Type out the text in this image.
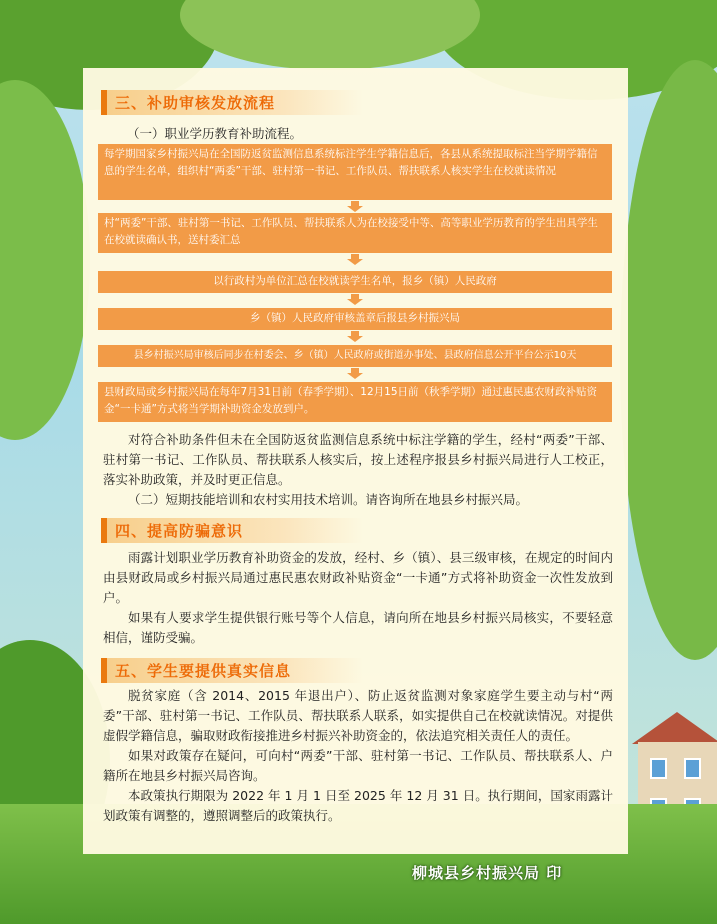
三、补助审核发放流程
（一）职业学历教育补助流程。
每学期国家乡村振兴局在全国防返贫监测信息系统标注学生学籍信息后，各县从系统提取标注当学期学籍信息的学生名单，组织村“两委”干部、驻村第一书记、工作队员、帮扶联系人核实学生在校就读情况
村“两委”干部、驻村第一书记、工作队员、帮扶联系人为在校接受中等、高等职业学历教育的学生出具学生在校就读确认书，送村委汇总
以行政村为单位汇总在校就读学生名单，报乡（镇）人民政府
乡（镇）人民政府审核盖章后报县乡村振兴局
县乡村振兴局审核后同步在村委会、乡（镇）人民政府或街道办事处、县政府信息公开平台公示10天
县财政局或乡村振兴局在每年7月31日前（春季学期）、12月15日前（秋季学期）通过惠民惠农财政补贴资金“一卡通”方式将当学期补助资金发放到户。

对符合补助条件但未在全国防返贫监测信息系统中标注学籍的学生，经村“两委”干部、驻村第一书记、工作队员、帮扶联系人核实后，按上述程序报县乡村振兴局进行人工校正，落实补助政策，并及时更正信息。

（二）短期技能培训和农村实用技术培训。请咨询所在地县乡村振兴局。

四、提高防骗意识

雨露计划职业学历教育补助资金的发放，经村、乡（镇）、县三级审核，在规定的时间内由县财政局或乡村振兴局通过惠民惠农财政补贴资金“一卡通”方式将补助资金一次性发放到户。

如果有人要求学生提供银行账号等个人信息，请向所在地县乡村振兴局核实，不要轻意相信，谨防受骗。

五、学生要提供真实信息

脱贫家庭（含 2014、2015 年退出户）、防止返贫监测对象家庭学生要主动与村“两委”干部、驻村第一书记、工作队员、帮扶联系人联系，如实提供自己在校就读情况。对提供虚假学籍信息，骗取财政衔接推进乡村振兴补助资金的，依法追究相关责任人的责任。

如果对政策存在疑问，可向村“两委”干部、驻村第一书记、工作队员、帮扶联系人、户籍所在地县乡村振兴局咨询。

本政策执行期限为 2022 年 1 月 1 日至 2025 年 12 月 31 日。执行期间，国家雨露计划政策有调整的，遵照调整后的政策执行。

柳城县乡村振兴局 印
